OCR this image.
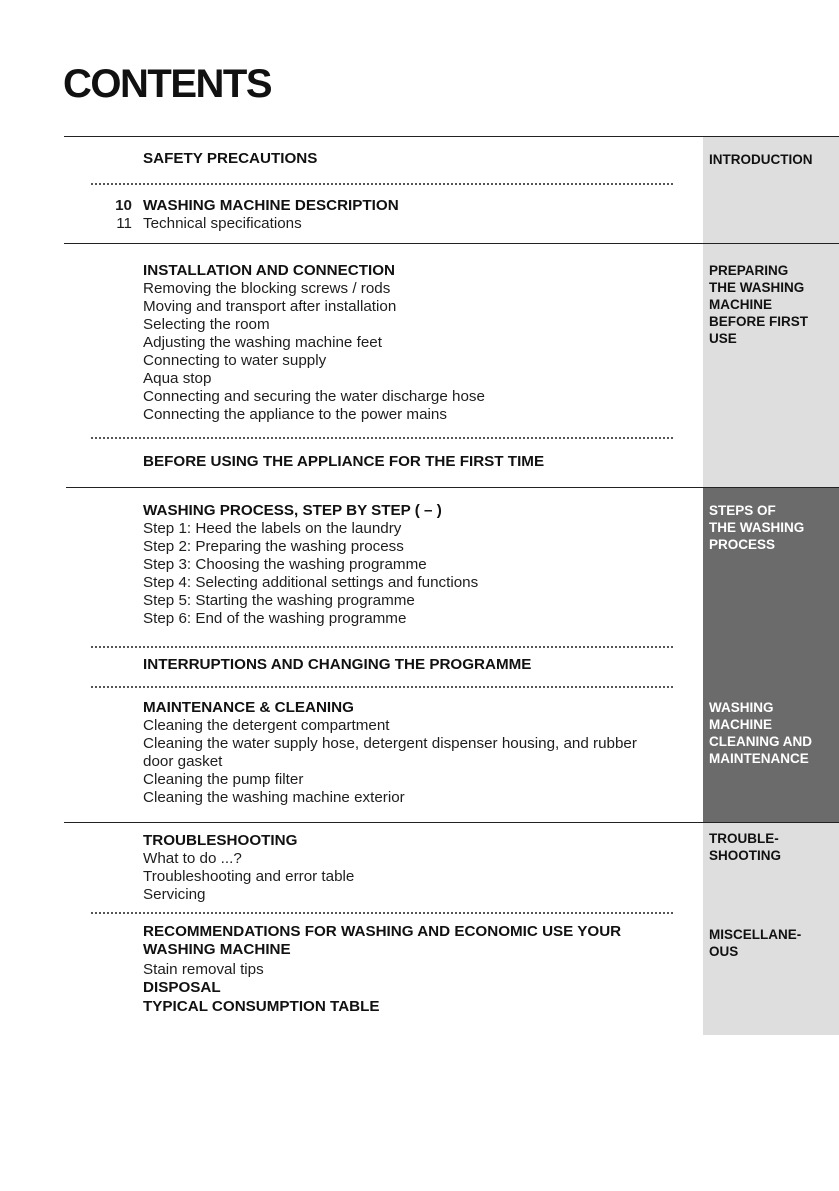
CONTENTS
INTRODUCTION
PREPARING
THE WASHING
MACHINE
BEFORE FIRST
USE
STEPS OF
THE WASHING
PROCESS
WASHING
MACHINE
CLEANING AND
MAINTENANCE
TROUBLE-
SHOOTING
MISCELLANE-
OUS
SAFETY PRECAUTIONS
10 WASHING MACHINE DESCRIPTION
11 Technical specifications
INSTALLATION AND CONNECTION
Removing the blocking screws / rods
Moving and transport after installation
Selecting the room
Adjusting the washing machine feet
Connecting to water supply
Aqua stop
Connecting and securing the water discharge hose
Connecting the appliance to the power mains
BEFORE USING THE APPLIANCE FOR THE FIRST TIME
WASHING PROCESS, STEP BY STEP ( – )
Step 1: Heed the labels on the laundry
Step 2: Preparing the washing process
Step 3: Choosing the washing programme
Step 4: Selecting additional settings and functions
Step 5: Starting the washing programme
Step 6: End of the washing programme
INTERRUPTIONS AND CHANGING THE PROGRAMME
MAINTENANCE & CLEANING
Cleaning the detergent compartment
Cleaning the water supply hose, detergent dispenser housing, and rubber
door gasket
Cleaning the pump filter
Cleaning the washing machine exterior
TROUBLESHOOTING
What to do ...?
Troubleshooting and error table
Servicing
RECOMMENDATIONS FOR WASHING AND ECONOMIC USE YOUR
WASHING MACHINE
Stain removal tips
DISPOSAL
TYPICAL CONSUMPTION TABLE
